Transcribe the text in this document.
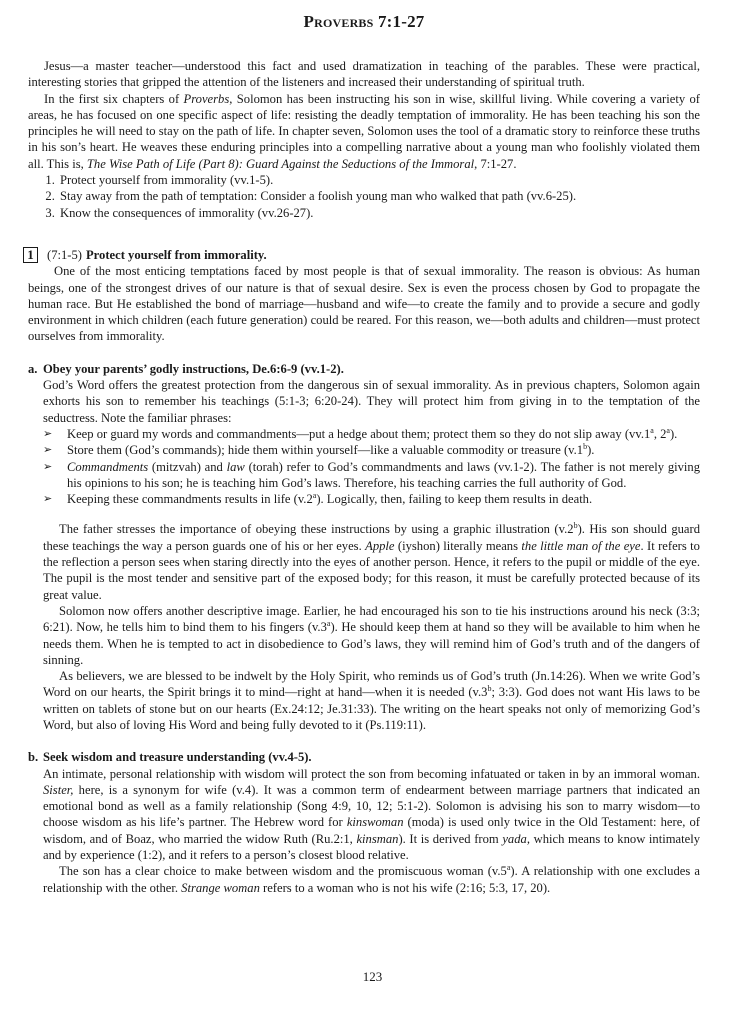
Proverbs 7:1-27

Jesus—a master teacher—understood this fact and used dramatization in teaching of the parables. These were practical, interesting stories that gripped the attention of the listeners and increased their understanding of spiritual truth.

In the first six chapters of Proverbs, Solomon has been instructing his son in wise, skillful living. While covering a variety of areas, he has focused on one specific aspect of life: resisting the deadly temptation of immorality. He has been teaching his son the principles he will need to stay on the path of life. In chapter seven, Solomon uses the tool of a dramatic story to reinforce these truths in his son’s heart. He weaves these enduring principles into a compelling narrative about a young man who foolishly violated them all. This is, The Wise Path of Life (Part 8): Guard Against the Seductions of the Immoral, 7:1-27.

1. Protect yourself from immorality (vv.1-5).
2. Stay away from the path of temptation: Consider a foolish young man who walked that path (vv.6-25).
3. Know the consequences of immorality (vv.26-27).
1	(7:1-5) Protect yourself from immorality.

One of the most enticing temptations faced by most people is that of sexual immorality. The reason is obvious: As human beings, one of the strongest drives of our nature is that of sexual desire. Sex is even the process chosen by God to propagate the human race. But He established the bond of marriage—husband and wife—to create the family and to provide a secure and godly environment in which children (each future generation) could be reared. For this reason, we—both adults and children—must protect ourselves from immorality.

a. Obey your parents’ godly instructions, De.6:6-9 (vv.1-2).

God’s Word offers the greatest protection from the dangerous sin of sexual immorality. As in previous chapters, Solomon again exhorts his son to remember his teachings (5:1-3; 6:20-24). They will protect him from giving in to the temptation of the seductress. Note the familiar phrases:

➢ Keep or guard my words and commandments—put a hedge about them; protect them so they do not slip away (vv.1$^a$, 2$^a$).
➢ Store them (God’s commands); hide them within yourself—like a valuable commodity or treasure (v.1$^b$).
➢ Commandments (mitzvah) and law (torah) refer to God’s commandments and laws (vv.1-2). The father is not merely giving his opinions to his son; he is teaching him God’s laws. Therefore, his teaching carries the full authority of God.
➢ Keeping these commandments results in life (v.2$^a$). Logically, then, failing to keep them results in death.

The father stresses the importance of obeying these instructions by using a graphic illustration (v.2$^b$). His son should guard these teachings the way a person guards one of his or her eyes. Apple (iyshon) literally means the little man of the eye. It refers to the reflection a person sees when staring directly into the eyes of another person. Hence, it refers to the pupil or middle of the eye. The pupil is the most tender and sensitive part of the exposed body; for this reason, it must be carefully protected because of its great value.

Solomon now offers another descriptive image. Earlier, he had encouraged his son to tie his instructions around his neck (3:3; 6:21). Now, he tells him to bind them to his fingers (v.3$^a$). He should keep them at hand so they will be available to him when he needs them. When he is tempted to act in disobedience to God’s laws, they will remind him of God’s truth and of the dangers of sinning.

As believers, we are blessed to be indwelt by the Holy Spirit, who reminds us of God’s truth (Jn.14:26). When we write God’s Word on our hearts, the Spirit brings it to mind—right at hand—when it is needed (v.3$^b$; 3:3). God does not want His laws to be written on tablets of stone but on our hearts (Ex.24:12; Je.31:33). The writing on the heart speaks not only of memorizing God’s Word, but also of loving His Word and being fully devoted to it (Ps.119:11).

b. Seek wisdom and treasure understanding (vv.4-5).

An intimate, personal relationship with wisdom will protect the son from becoming infatuated or taken in by an immoral woman. Sister, here, is a synonym for wife (v.4). It was a common term of endearment between marriage partners that indicated an emotional bond as well as a family relationship (Song 4:9, 10, 12; 5:1-2). Solomon is advising his son to marry wisdom—to choose wisdom as his life’s partner. The Hebrew word for kinswoman (moda) is used only twice in the Old Testament: here, of wisdom, and of Boaz, who married the widow Ruth (Ru.2:1, kinsman). It is derived from yada, which means to know intimately and by experience (1:2), and it refers to a person’s closest blood relative.

The son has a clear choice to make between wisdom and the promiscuous woman (v.5$^a$). A relationship with one excludes a relationship with the other. Strange woman refers to a woman who is not his wife (2:16; 5:3, 17, 20).

123
